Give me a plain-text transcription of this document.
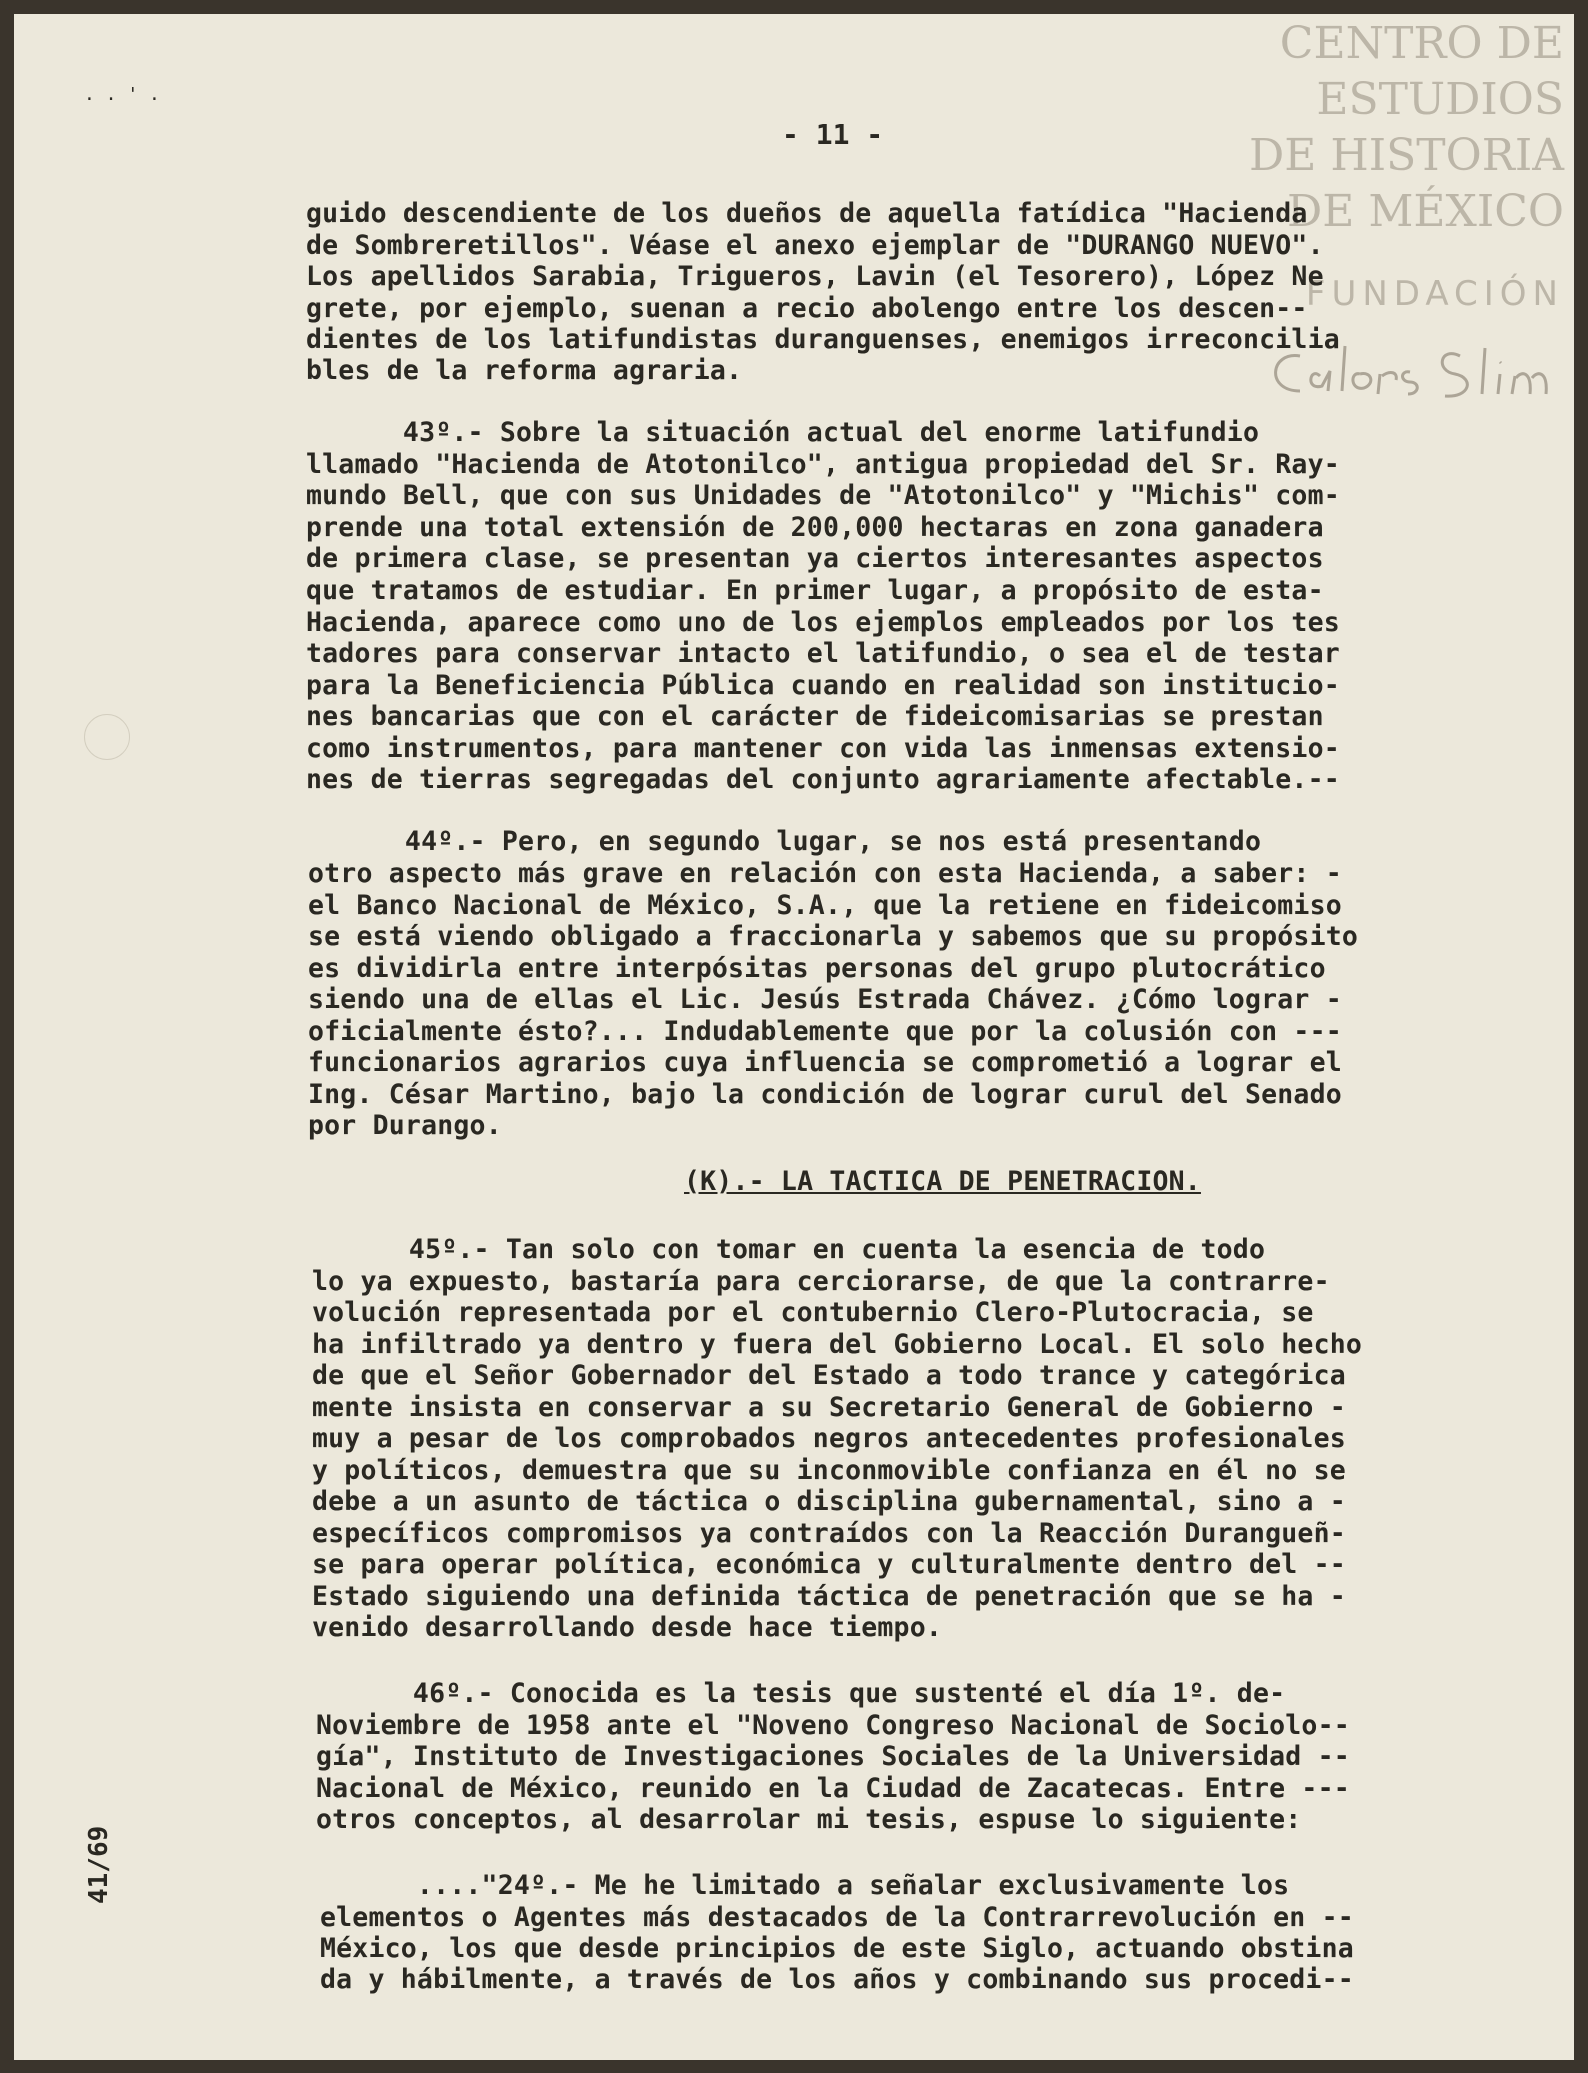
. . ' .
CENTRO DE
ESTUDIOS
DE HISTORIA
DE MÉXICO
FUNDACIÓN
- 11 -
41/69
guido descendiente de los dueños de aquella fatídica "Hacienda
de Sombreretillos". Véase el anexo ejemplar de "DURANGO NUEVO".
Los apellidos Sarabia, Trigueros, Lavin (el Tesorero), López Ne
grete, por ejemplo, suenan a recio abolengo entre los descen--
dientes de los latifundistas duranguenses, enemigos irreconcilia
bles de la reforma agraria.
43º.- Sobre la situación actual del enorme latifundio
llamado "Hacienda de Atotonilco", antigua propiedad del Sr. Ray-
mundo Bell, que con sus Unidades de "Atotonilco" y "Michis" com-
prende una total extensión de 200,000 hectaras en zona ganadera
de primera clase, se presentan ya ciertos interesantes aspectos
que tratamos de estudiar. En primer lugar, a propósito de esta-
Hacienda, aparece como uno de los ejemplos empleados por los tes
tadores para conservar intacto el latifundio, o sea el de testar
para la Beneficiencia Pública cuando en realidad son institucio-
nes bancarias que con el carácter de fideicomisarias se prestan
como instrumentos, para mantener con vida las inmensas extensio-
nes de tierras segregadas del conjunto agrariamente afectable.--
44º.- Pero, en segundo lugar, se nos está presentando
otro aspecto más grave en relación con esta Hacienda, a saber: -
el Banco Nacional de México, S.A., que la retiene en fideicomiso
se está viendo obligado a fraccionarla y sabemos que su propósito
es dividirla entre interpósitas personas del grupo plutocrático
siendo una de ellas el Lic. Jesús Estrada Chávez. ¿Cómo lograr -
oficialmente ésto?... Indudablemente que por la colusión con ---
funcionarios agrarios cuya influencia se comprometió a lograr el
Ing. César Martino, bajo la condición de lograr curul del Senado
por Durango.
(K).- LA TACTICA DE PENETRACION.
45º.- Tan solo con tomar en cuenta la esencia de todo
lo ya expuesto, bastaría para cerciorarse, de que la contrarre-
volución representada por el contubernio Clero-Plutocracia, se
ha infiltrado ya dentro y fuera del Gobierno Local. El solo hecho
de que el Señor Gobernador del Estado a todo trance y categórica
mente insista en conservar a su Secretario General de Gobierno -
muy a pesar de los comprobados negros antecedentes profesionales
y políticos, demuestra que su inconmovible confianza en él no se
debe a un asunto de táctica o disciplina gubernamental, sino a -
específicos compromisos ya contraídos con la Reacción Durangueñ-
se para operar política, económica y culturalmente dentro del --
Estado siguiendo una definida táctica de penetración que se ha -
venido desarrollando desde hace tiempo.
46º.- Conocida es la tesis que sustenté el día 1º. de-
Noviembre de 1958 ante el "Noveno Congreso Nacional de Sociolo--
gía", Instituto de Investigaciones Sociales de la Universidad --
Nacional de México, reunido en la Ciudad de Zacatecas. Entre ---
otros conceptos, al desarrolar mi tesis, espuse lo siguiente:
...."24º.- Me he limitado a señalar exclusivamente los
elementos o Agentes más destacados de la Contrarrevolución en --
México, los que desde principios de este Siglo, actuando obstina
da y hábilmente, a través de los años y combinando sus procedi--
